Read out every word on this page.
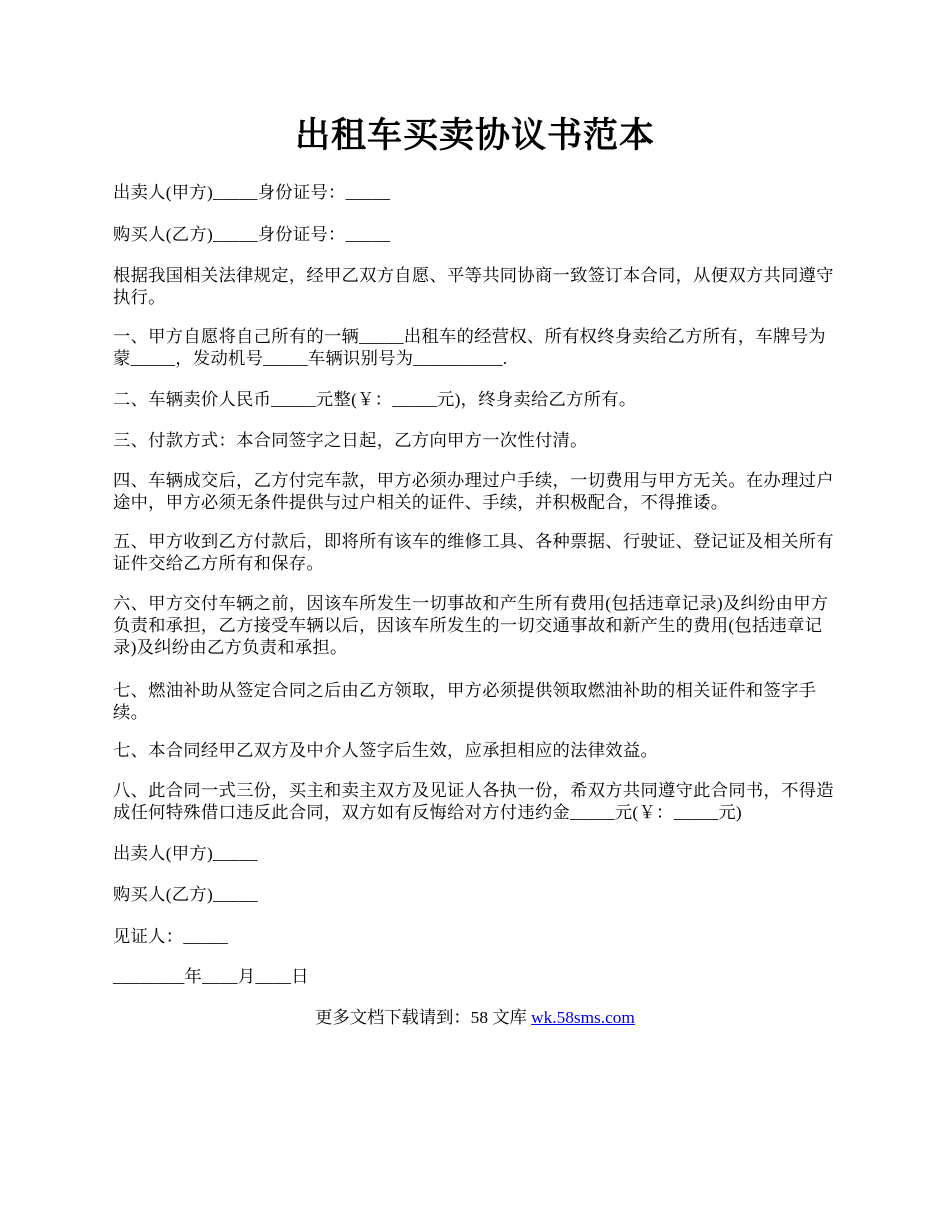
出租车买卖协议书范本

出卖人(甲方)_____身份证号：_____

购买人(乙方)_____身份证号：_____

根据我国相关法律规定，经甲乙双方自愿、平等共同协商一致签订本合同，从便双方共同遵守执行。

一、甲方自愿将自己所有的一辆_____出租车的经营权、所有权终身卖给乙方所有，车牌号为蒙_____，发动机号_____车辆识别号为__________.

二、车辆卖价人民币_____元整(￥：_____元)，终身卖给乙方所有。

三、付款方式：本合同签字之日起，乙方向甲方一次性付清。

四、车辆成交后，乙方付完车款，甲方必须办理过户手续，一切费用与甲方无关。在办理过户途中，甲方必须无条件提供与过户相关的证件、手续，并积极配合，不得推诿。

五、甲方收到乙方付款后，即将所有该车的维修工具、各种票据、行驶证、登记证及相关所有证件交给乙方所有和保存。

六、甲方交付车辆之前，因该车所发生一切事故和产生所有费用(包括违章记录)及纠纷由甲方负责和承担，乙方接受车辆以后，因该车所发生的一切交通事故和新产生的费用(包括违章记录)及纠纷由乙方负责和承担。

七、燃油补助从签定合同之后由乙方领取，甲方必须提供领取燃油补助的相关证件和签字手续。

七、本合同经甲乙双方及中介人签字后生效，应承担相应的法律效益。

八、此合同一式三份，买主和卖主双方及见证人各执一份，希双方共同遵守此合同书，不得造成任何特殊借口违反此合同，双方如有反悔给对方付违约金_____元(￥：_____元)

出卖人(甲方)_____

购买人(乙方)_____

见证人：_____

________年____月____日

更多文档下载请到：58 文库 wk.58sms.com
